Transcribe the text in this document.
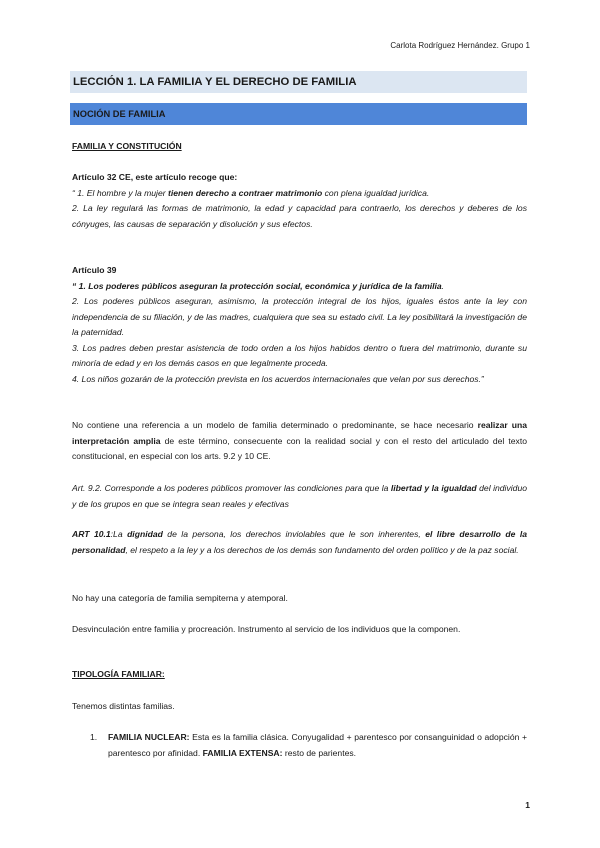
Carlota Rodríguez Hernández. Grupo 1
LECCIÓN 1. LA FAMILIA Y EL DERECHO DE FAMILIA
NOCIÓN DE FAMILIA

FAMILIA Y CONSTITUCIÓN

Artículo 32 CE, este artículo recoge que:

“ 1. El hombre y la mujer tienen derecho a contraer matrimonio con plena igualdad jurídica.

2. La ley regulará las formas de matrimonio, la edad y capacidad para contraerlo, los derechos y deberes de los cónyuges, las causas de separación y disolución y sus efectos.

Artículo 39

“ 1. Los poderes públicos aseguran la protección social, económica y jurídica de la familia.

2. Los poderes públicos aseguran, asimismo, la protección integral de los hijos, iguales éstos ante la ley con independencia de su filiación, y de las madres, cualquiera que sea su estado civil. La ley posibilitará la investigación de la paternidad.

3. Los padres deben prestar asistencia de todo orden a los hijos habidos dentro o fuera del matrimonio, durante su minoría de edad y en los demás casos en que legalmente proceda.

4. Los niños gozarán de la protección prevista en los acuerdos internacionales que velan por sus derechos.”

No contiene una referencia a un modelo de familia determinado o predominante, se hace necesario realizar una interpretación amplia de este término, consecuente con la realidad social y con el resto del articulado del texto constitucional, en especial con los arts. 9.2 y 10 CE.

Art. 9.2. Corresponde a los poderes públicos promover las condiciones para que la libertad y la igualdad del individuo y de los grupos en que se integra sean reales y efectivas

ART 10.1:La dignidad de la persona, los derechos inviolables que le son inherentes, el libre desarrollo de la personalidad, el respeto a la ley y a los derechos de los demás son fundamento del orden político y de la paz social.

No hay una categoría de familia sempiterna y atemporal.

Desvinculación entre familia y procreación. Instrumento al servicio de los individuos que la componen.

TIPOLOGÍA FAMILIAR:

Tenemos distintas familias.

1. FAMILIA NUCLEAR: Esta es la familia clásica. Conyugalidad + parentesco por consanguinidad o adopción + parentesco por afinidad. FAMILIA EXTENSA: resto de parientes.

1
